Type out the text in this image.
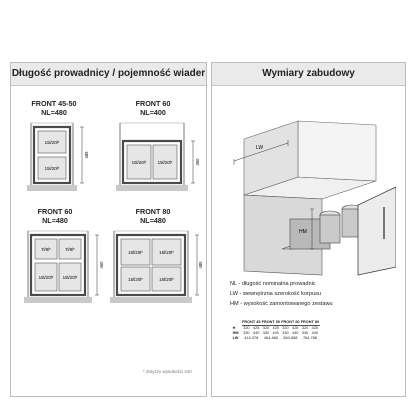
Długość prowadnicy / pojemność wiader
FRONT 45-50
NL=480
15l/20l*
15l/20l*
485
FRONT 60
NL=400
15l/20l*	15l/20l*	360
FRONT 60
NL=480
7l/9l*	7l/9l*
15l/20l* 15l/20l*
460
FRONT 80
NL=480
15l/20l*	15l/20l*
15l/20l*	15l/20l*
485
* dotyczy wysokości 420
Wymiary zabudowy
LW
HM
NL - długość nominalna prowadnic
LW - wewnętrzna szerokość korpusu
HM - wysokość zamontowanego zestawu
	FRONT 45		FRONT 50		FRONT 60		FRONT 80	
H	320	425	320	425	320	425	320	425
HM	330	440	330	440	330	440	330	440
LW	414-478		464-488		564-588		764-788	
